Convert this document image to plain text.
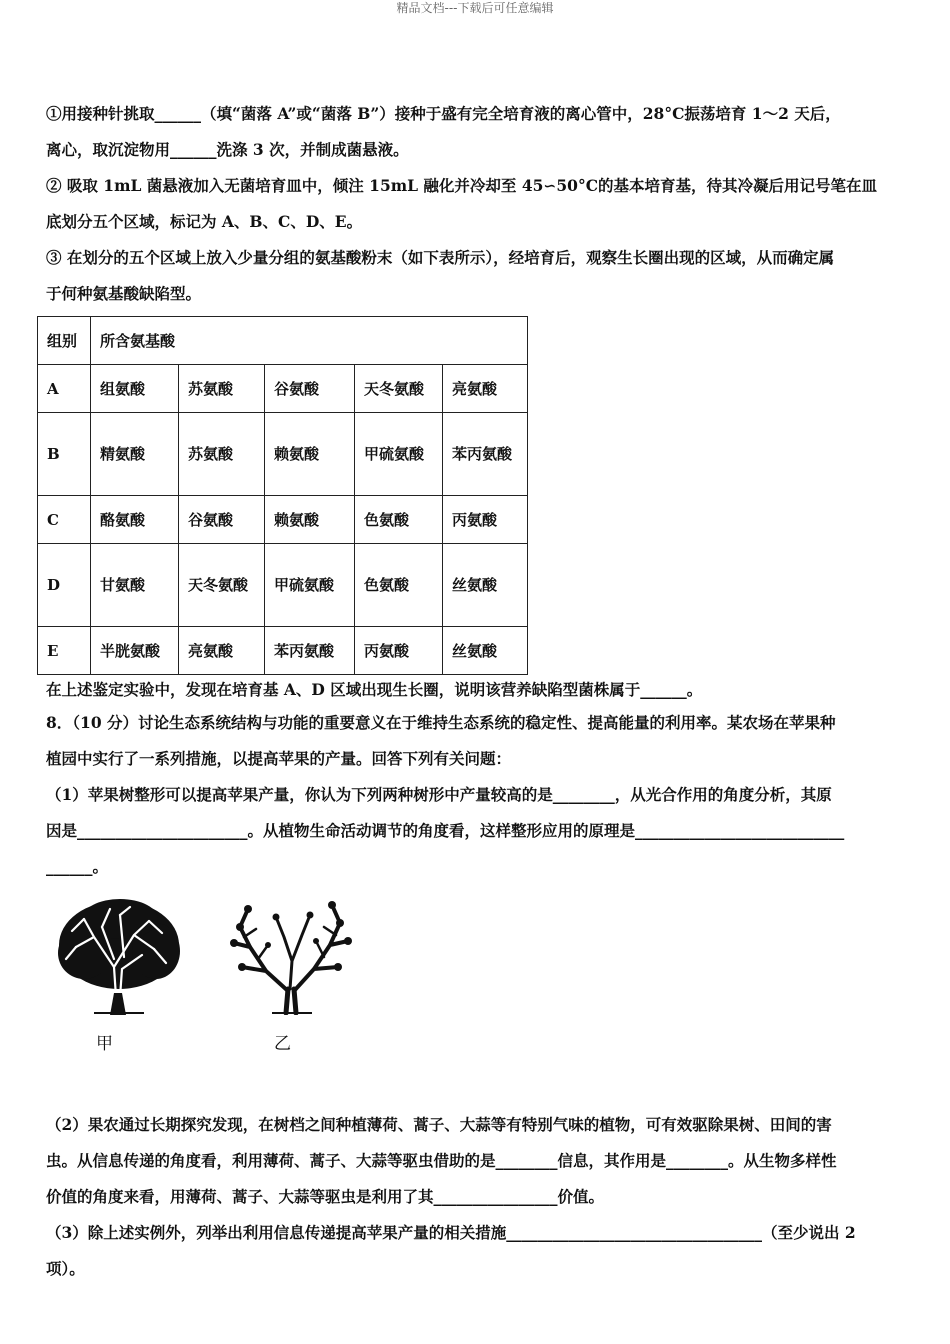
精品文档---下载后可任意编辑

①用接种针挑取______（填“菌落 A”或“菌落 B”）接种于盛有完全培育液的离心管中，28°C振荡培育 1～2 天后，

离心，取沉淀物用______洗涤 3 次，并制成菌悬液。

② 吸取 1mL 菌悬液加入无菌培育皿中，倾注 15mL 融化并冷却至 45∽50°C的基本培育基，待其冷凝后用记号笔在皿

底划分五个区域，标记为 A、B、C、D、E。

③ 在划分的五个区域上放入少量分组的氨基酸粉末（如下表所示），经培育后，观察生长圈出现的区域，从而确定属

于何种氨基酸缺陷型。

组别	所含氨基酸				
A	组氨酸	苏氨酸	谷氨酸	天冬氨酸	亮氨酸
B	精氨酸	苏氨酸	赖氨酸	甲硫氨酸	苯丙氨酸
C	酪氨酸	谷氨酸	赖氨酸	色氨酸	丙氨酸
D	甘氨酸	天冬氨酸	甲硫氨酸	色氨酸	丝氨酸
E	半胱氨酸	亮氨酸	苯丙氨酸	丙氨酸	丝氨酸

在上述鉴定实验中，发现在培育基 A、D 区域出现生长圈，说明该营养缺陷型菌株属于______。

8．（10 分）讨论生态系统结构与功能的重要意义在于维持生态系统的稳定性、提高能量的利用率。某农场在苹果种

植园中实行了一系列措施，以提高苹果的产量。回答下列有关问题：

（1）苹果树整形可以提高苹果产量，你认为下列两种树形中产量较高的是________，从光合作用的角度分析，其原

因是______________________。从植物生命活动调节的角度看，这样整形应用的原理是___________________________

______。

甲	乙

（2）果农通过长期探究发现，在树档之间种植薄荷、蒿子、大蒜等有特别气味的植物，可有效驱除果树、田间的害

虫。从信息传递的角度看，利用薄荷、蒿子、大蒜等驱虫借助的是________信息，其作用是________。从生物多样性

价值的角度来看，用薄荷、蒿子、大蒜等驱虫是利用了其________________价值。

（3）除上述实例外，列举出利用信息传递提高苹果产量的相关措施_________________________________（至少说出 2

项）。
